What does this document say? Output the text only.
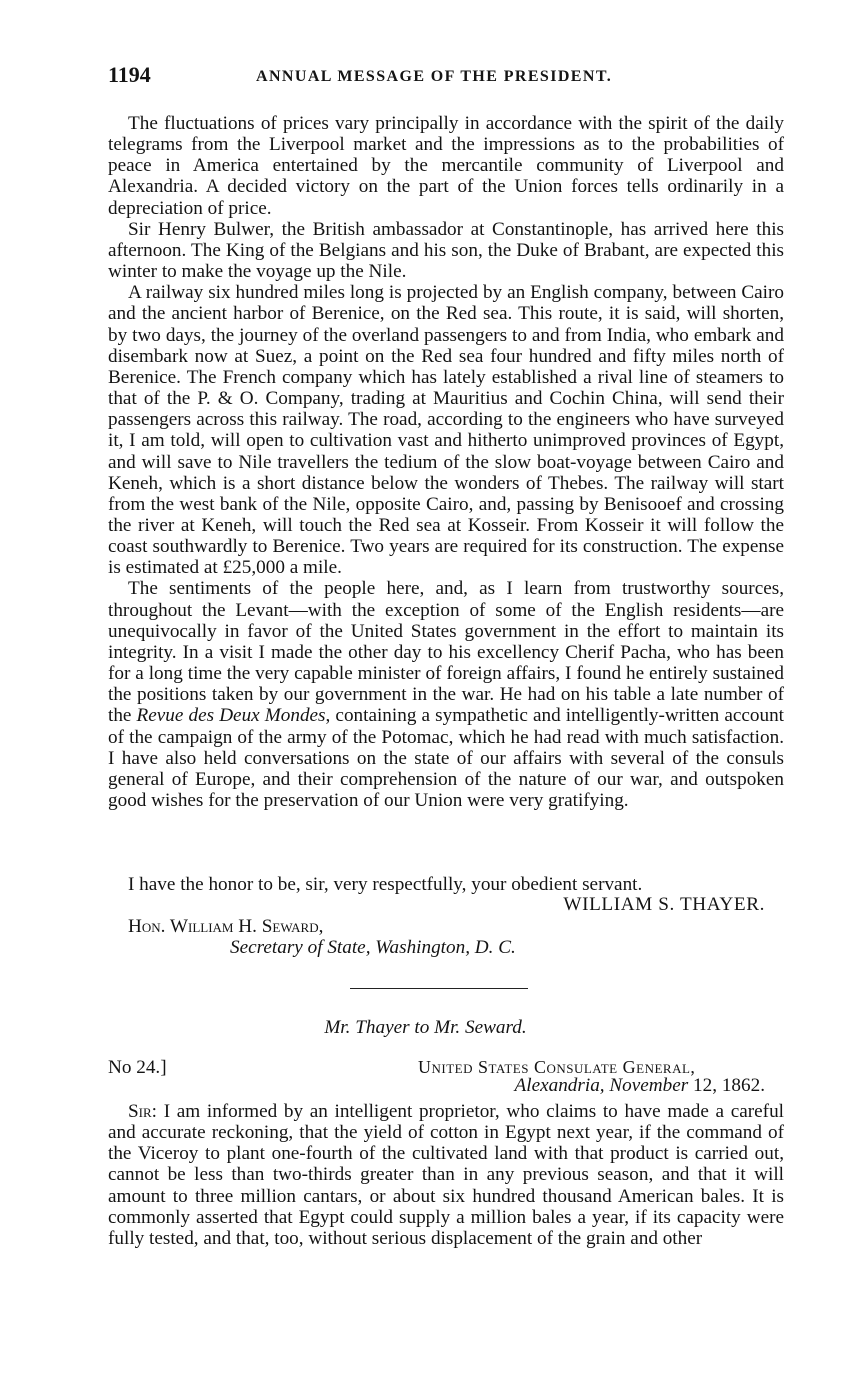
1194	ANNUAL MESSAGE OF THE PRESIDENT.

The fluctuations of prices vary principally in accordance with the spirit of the daily telegrams from the Liverpool market and the impressions as to the probabilities of peace in America entertained by the mercantile community of Liverpool and Alexandria. A decided victory on the part of the Union forces tells ordinarily in a depreciation of price.

Sir Henry Bulwer, the British ambassador at Constantinople, has arrived here this afternoon. The King of the Belgians and his son, the Duke of Brabant, are expected this winter to make the voyage up the Nile.

A railway six hundred miles long is projected by an English company, between Cairo and the ancient harbor of Berenice, on the Red sea. This route, it is said, will shorten, by two days, the journey of the overland passengers to and from India, who embark and disembark now at Suez, a point on the Red sea four hundred and fifty miles north of Berenice. The French company which has lately established a rival line of steamers to that of the P. & O. Company, trading at Mauritius and Cochin China, will send their passengers across this railway. The road, according to the engineers who have surveyed it, I am told, will open to cultivation vast and hitherto unimproved provinces of Egypt, and will save to Nile travellers the tedium of the slow boat-voyage between Cairo and Keneh, which is a short distance below the wonders of Thebes. The railway will start from the west bank of the Nile, opposite Cairo, and, passing by Benisooef and crossing the river at Keneh, will touch the Red sea at Kosseir. From Kosseir it will follow the coast southwardly to Berenice. Two years are required for its construction. The expense is estimated at £25,000 a mile.

The sentiments of the people here, and, as I learn from trustworthy sources, throughout the Levant—with the exception of some of the English residents—are unequivocally in favor of the United States government in the effort to maintain its integrity. In a visit I made the other day to his excellency Cherif Pacha, who has been for a long time the very capable minister of foreign affairs, I found he entirely sustained the positions taken by our government in the war. He had on his table a late number of the Revue des Deux Mondes, containing a sympathetic and intelligently-written account of the campaign of the army of the Potomac, which he had read with much satisfaction. I have also held conversations on the state of our affairs with several of the consuls general of Europe, and their comprehension of the nature of our war, and outspoken good wishes for the preservation of our Union were very gratifying.

I have the honor to be, sir, very respectfully, your obedient servant.
WILLIAM S. THAYER.
Hon. William H. Seward,
Secretary of State, Washington, D. C.
Mr. Thayer to Mr. Seward.
No 24.]	United States Consulate General,
Alexandria, November 12, 1862.

Sir: I am informed by an intelligent proprietor, who claims to have made a careful and accurate reckoning, that the yield of cotton in Egypt next year, if the command of the Viceroy to plant one-fourth of the cultivated land with that product is carried out, cannot be less than two-thirds greater than in any previous season, and that it will amount to three million cantars, or about six hundred thousand American bales. It is commonly asserted that Egypt could supply a million bales a year, if its capacity were fully tested, and that, too, without serious displacement of the grain and other
